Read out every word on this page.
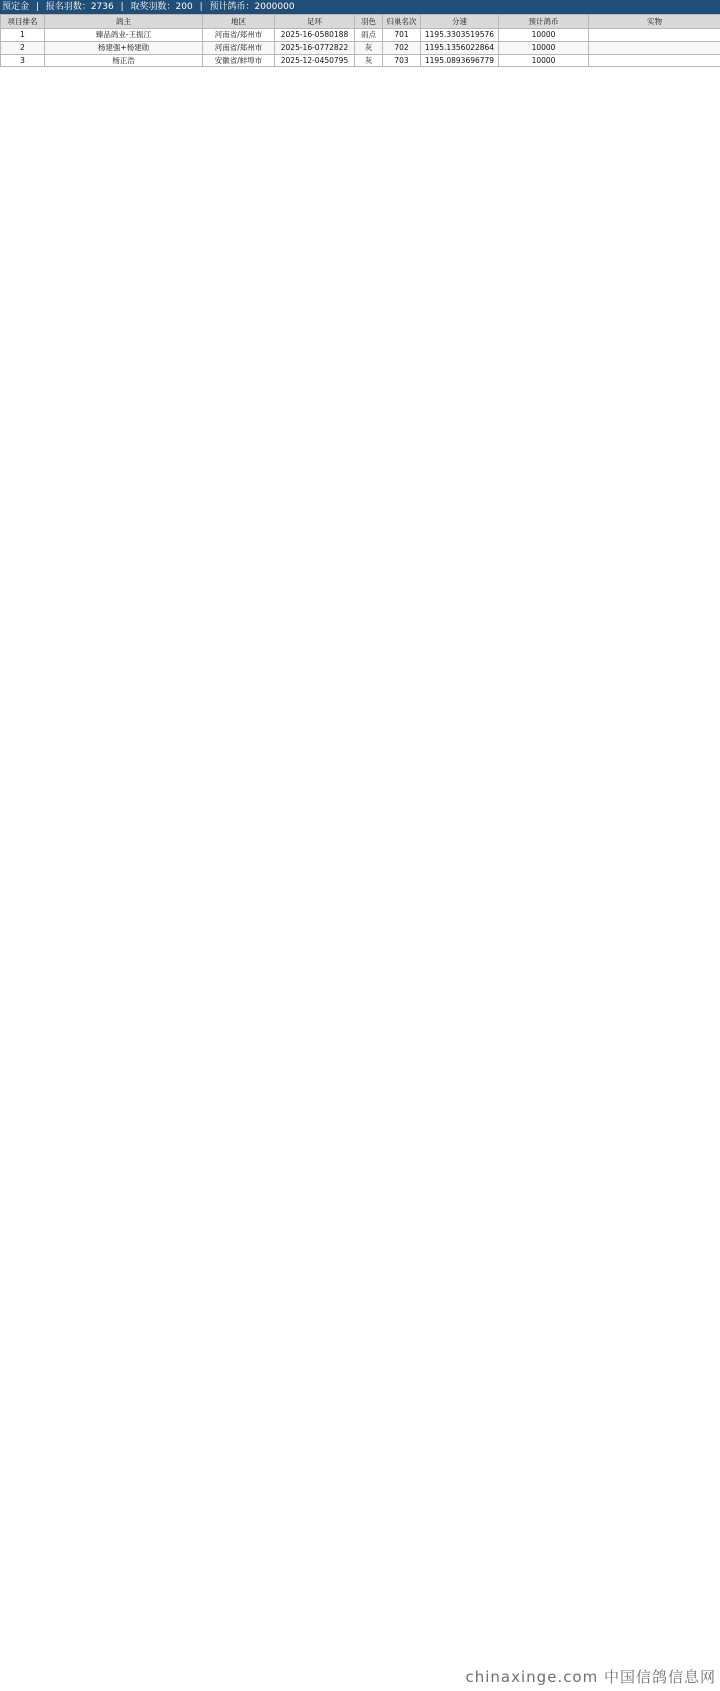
预定金 | 报名羽数：2736 | 取奖羽数：200 | 预计鸽币：2000000
项目排名	鸽主	地区	足环	羽色	归巢名次	分速	预计鸽币	实物
1	臻品鸽业-王振江	河南省/郑州市	2025-16-0580188	雨点	701	1195.3303519576	10000	
2	杨建强+杨建勋	河南省/郑州市	2025-16-0772822	灰	702	1195.1356022864	10000	
3	杨正浩	安徽省/蚌埠市	2025-12-0450795	灰	703	1195.0893696779	10000	
chinaxinge.com 中国信鸽信息网
